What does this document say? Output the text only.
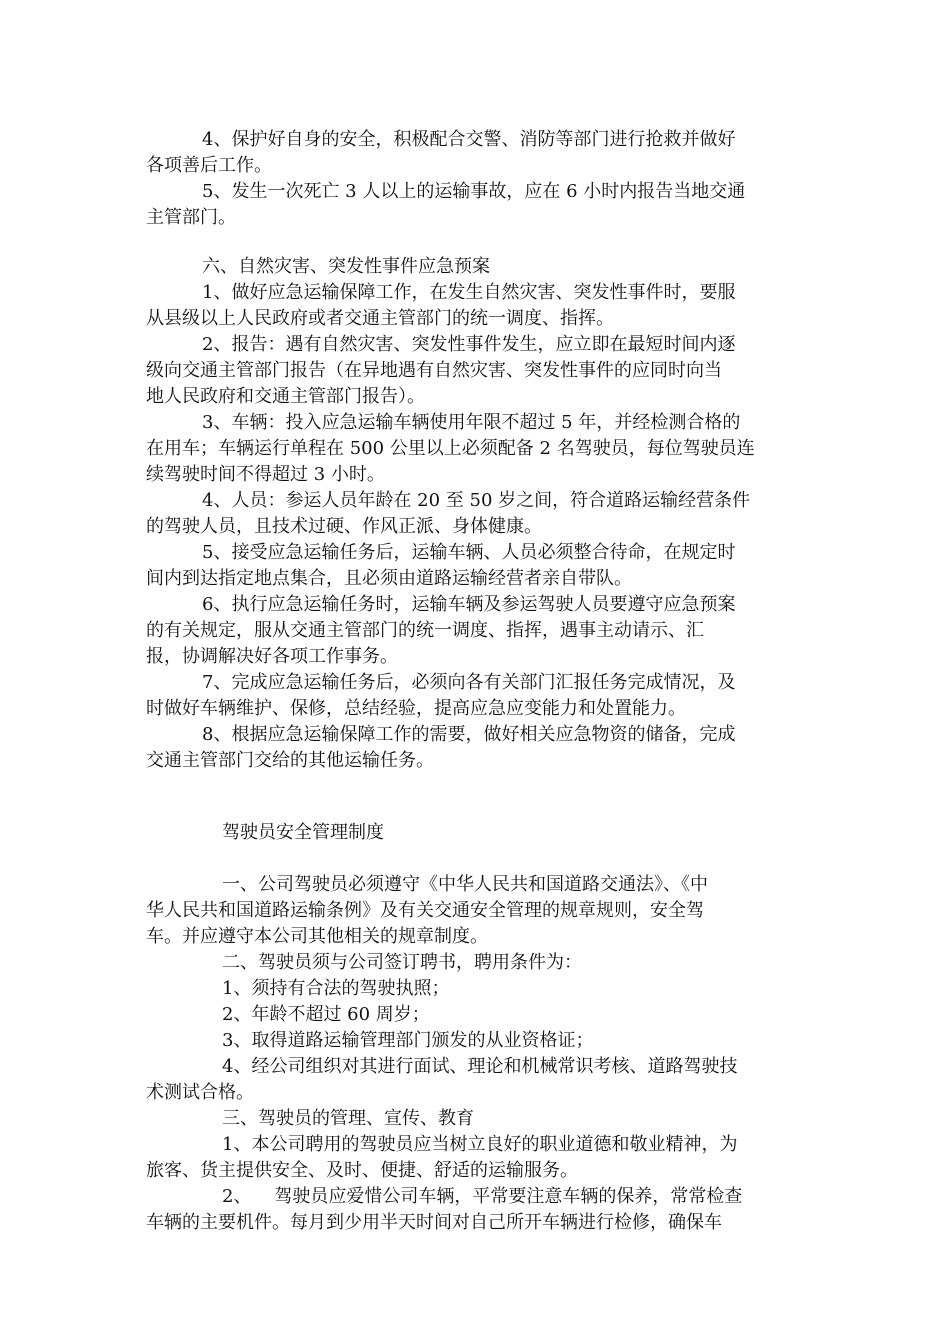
4、保护好自身的安全，积极配合交警、消防等部门进行抢救并做好
各项善后工作。
5、发生一次死亡 3 人以上的运输事故，应在 6 小时内报告当地交通
主管部门。
六、自然灾害、突发性事件应急预案
1、做好应急运输保障工作，在发生自然灾害、突发性事件时，要服
从县级以上人民政府或者交通主管部门的统一调度、指挥。
2、报告：遇有自然灾害、突发性事件发生，应立即在最短时间内逐
级向交通主管部门报告（在异地遇有自然灾害、突发性事件的应同时向当
地人民政府和交通主管部门报告）。
3、车辆：投入应急运输车辆使用年限不超过 5 年，并经检测合格的
在用车；车辆运行单程在 500 公里以上必须配备 2 名驾驶员，每位驾驶员连
续驾驶时间不得超过 3 小时。
4、人员：参运人员年龄在 20 至 50 岁之间，符合道路运输经营条件
的驾驶人员，且技术过硬、作风正派、身体健康。
5、接受应急运输任务后，运输车辆、人员必须整合待命，在规定时
间内到达指定地点集合，且必须由道路运输经营者亲自带队。
6、执行应急运输任务时，运输车辆及参运驾驶人员要遵守应急预案
的有关规定，服从交通主管部门的统一调度、指挥，遇事主动请示、汇
报，协调解决好各项工作事务。
7、完成应急运输任务后，必须向各有关部门汇报任务完成情况，及
时做好车辆维护、保修，总结经验，提高应急应变能力和处置能力。
8、根据应急运输保障工作的需要，做好相关应急物资的储备，完成
交通主管部门交给的其他运输任务。
驾驶员安全管理制度
一、公司驾驶员必须遵守《中华人民共和国道路交通法》、《中
华人民共和国道路运输条例》及有关交通安全管理的规章规则，安全驾
车。并应遵守本公司其他相关的规章制度。
二、驾驶员须与公司签订聘书，聘用条件为：
1、须持有合法的驾驶执照；
2、年龄不超过 60 周岁；
3、取得道路运输管理部门颁发的从业资格证；
4、经公司组织对其进行面试、理论和机械常识考核、道路驾驶技
术测试合格。
三、驾驶员的管理、宣传、教育
1、本公司聘用的驾驶员应当树立良好的职业道德和敬业精神，为
旅客、货主提供安全、及时、便捷、舒适的运输服务。
2、    驾驶员应爱惜公司车辆，平常要注意车辆的保养，常常检查
车辆的主要机件。每月到少用半天时间对自己所开车辆进行检修，确保车
